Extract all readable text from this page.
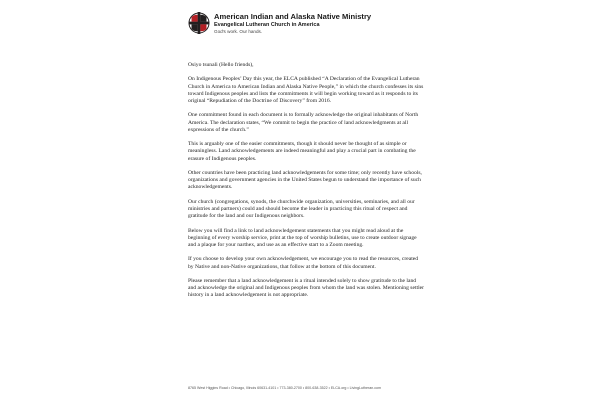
American Indian and Alaska Native Ministry
Evangelical Lutheran Church in America
God's work. Our hands.

Osiyo tsunali (Hello friends),

On Indigenous Peoples’ Day this year, the ELCA published “A Declaration of the Evangelical Lutheran Church in America to American Indian and Alaska Native People,” in which the church confesses its sins toward Indigenous peoples and lists the commitments it will begin working toward as it responds to its original “Repudiation of the Doctrine of Discovery” from 2016.

One commitment found in each document is to formally acknowledge the original inhabitants of North America. The declaration states, “We commit to begin the practice of land acknowledgments at all expressions of the church.”

This is arguably one of the easier commitments, though it should never be thought of as simple or meaningless. Land acknowledgements are indeed meaningful and play a crucial part in combating the erasure of Indigenous peoples.

Other countries have been practicing land acknowledgements for some time; only recently have schools, organizations and government agencies in the United States begun to understand the importance of such acknowledgements.

Our church (congregations, synods, the churchwide organization, universities, seminaries, and all our ministries and partners) could and should become the leader in practicing this ritual of respect and gratitude for the land and our Indigenous neighbors.

Below you will find a link to land acknowledgement statements that you might read aloud at the beginning of every worship service, print at the top of worship bulletins, use to create outdoor signage and a plaque for your narthex, and use as an effective start to a Zoom meeting.

If you choose to develop your own acknowledgement, we encourage you to read the resources, created by Native and non-Native organizations, that follow at the bottom of this document.

Please remember that a land acknowledgement is a ritual intended solely to show gratitude to the land and acknowledge the original and Indigenous peoples from whom the land was stolen. Mentioning settler history in a land acknowledgement is not appropriate.

8765 West Higgins Road • Chicago, Illinois 60631-4101 • 773-380-2700 • 800-638-3522 • ELCA.org • LivingLutheran.com
